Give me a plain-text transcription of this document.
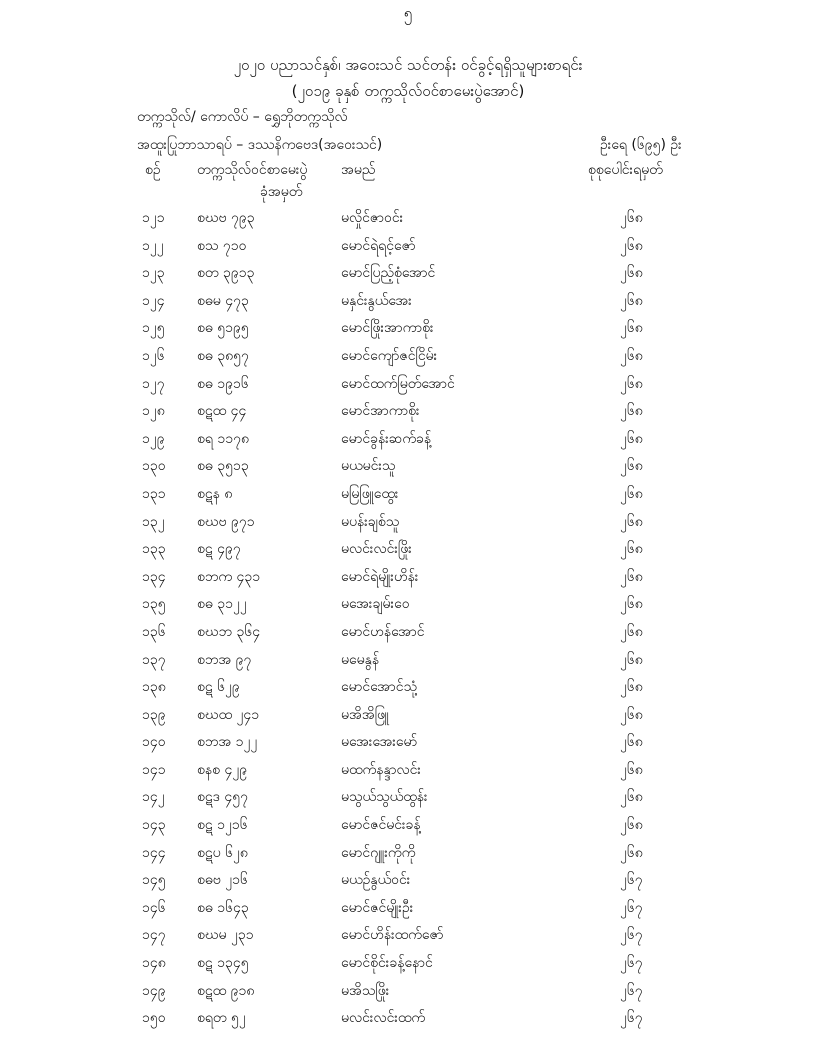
၅
၂၀၂၀ ပညာသင်နှစ်၊ အဝေးသင် သင်တန်း ဝင်ခွင့်ရရှိသူများစာရင်း
(၂၀၁၉ ခုနှစ် တက္ကသိုလ်ဝင်စာမေးပွဲအောင်)
တက္ကသိုလ်/ ကောလိပ် – ရွှေဘိုတက္ကသိုလ်
အထူးပြုဘာသာရပ် – ဒဿနိကဗေဒ(အဝေးသင်)	ဦးရေ (၆၉၅) ဦး
စဉ်	တက္ကသိုလ်ဝင်စာမေးပွဲ
ခုံအမှတ်
အမည်	စုစုပေါင်းရမှတ်
၁၂၁	စဃဗ ၇၉၃	မလှိုင်ဇာဝင်း	၂၆၈
၁၂၂	စသ ၇၁၀	မောင်ရဲရင့်ဇော်	၂၆၈
၁၂၃	စတ ၃၉၁၃	မောင်ပြည့်စုံအောင်	၂၆၈
၁၂၄	စဓမ ၄၇၃	မနှင်းနွယ်အေး	၂၆၈
၁၂၅	စဓ ၅၁၉၅	မောင်ဖြိုးအာကာစိုး	၂၆၈
၁၂၆	စဓ ၃၈၅၇	မောင်ကျော်ဇင်ငြိမ်း	၂၆၈
၁၂၇	စဓ ၁၉၁၆	မောင်ထက်မြတ်အောင်	၂၆၈
၁၂၈	စဋထ ၄၄	မောင်အာကာစိုး	၂၆၈
၁၂၉	စရ ၁၁၇၈	မောင်ခွန်းဆက်ခန့်	၂၆၈
၁၃၀	စဓ ၃၅၁၃	မယမင်းသူ	၂၆၈
၁၃၁	စဋန ၈	မမြဖြူထွေး	၂၆၈
၁၃၂	စဃဗ ၉၇၁	မပန်းချစ်သူ	၂၆၈
၁၃၃	စဋ ၄၉၇	မလင်းလင်းဖြိုး	၂၆၈
၁၃၄	စဘက ၄၃၁	မောင်ရဲမျိုးဟိန်း	၂၆၈
၁၃၅	စဓ ၃၁၂၂	မအေးချမ်းဝေ	၂၆၈
၁၃၆	စဃဘ ၃၆၄	မောင်ဟန်အောင်	၂၆၈
၁၃၇	စဘအ ၉၇	မမေနွန်	၂၆၈
၁၃၈	စဋ ၆၂၉	မောင်အောင်သုံ့	၂၆၈
၁၃၉	စဃထ ၂၄၁	မအိအိဖြူ	၂၆၈
၁၄၀	စဘအ ၁၂၂	မအေးအေးမော်	၂၆၈
၁၄၁	စနစ ၄၂၉	မထက်နန္ဒာလင်း	၂၆၈
၁၄၂	စဋဒ ၄၅၇	မသွယ်သွယ်ထွန်း	၂၆၈
၁၄၃	စဋ ၁၂၁၆	မောင်ဇင်မင်းခန့်	၂၆၈
၁၄၄	စဋပ ၆၂၈	မောင်ဂျူးကိုကို	၂၆၈
၁၄၅	စဓဗ ၂၁၆	မယဉ်နွယ်ဝင်း	၂၆၇
၁၄၆	စဓ ၁၆၄၃	မောင်ဇင်မျိုးဦး	၂၆၇
၁၄၇	စဃမ ၂၃၁	မောင်ဟိန်းထက်ဇော်	၂၆၇
၁၄၈	စဋ ၁၃၄၅	မောင်စိုင်းခန့်နောင်	၂၆၇
၁၄၉	စဋထ ၉၁၈	မအိသဖြိုး	၂၆၇
၁၅၀	စရတ ၅၂	မလင်းလင်းထက်	၂၆၇
